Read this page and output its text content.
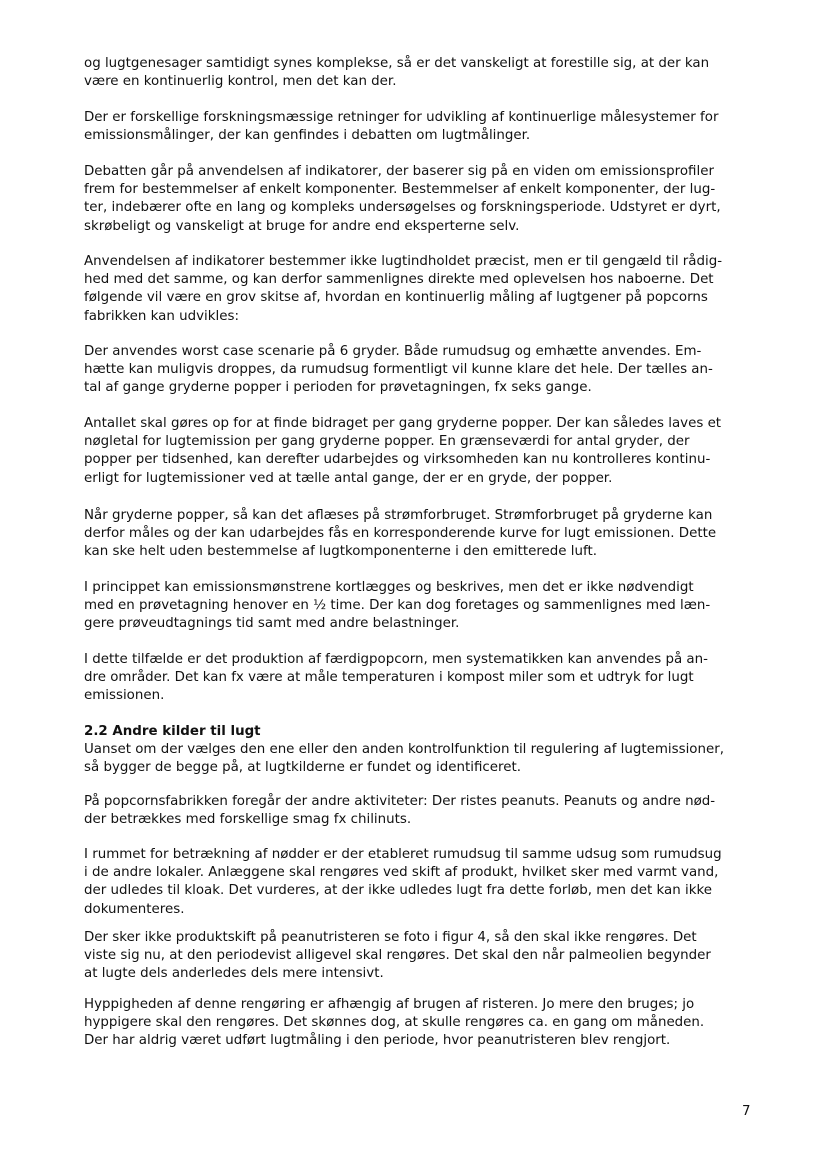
og lugtgenesager samtidigt synes komplekse, så er det vanskeligt at forestille sig, at der kan
være en kontinuerlig kontrol, men det kan der.

Der er forskellige forskningsmæssige retninger for udvikling af kontinuerlige målesystemer for
emissionsmålinger, der kan genfindes i debatten om lugtmålinger.

Debatten går på anvendelsen af indikatorer, der baserer sig på en viden om emissionsprofiler
frem for bestemmelser af enkelt komponenter. Bestemmelser af enkelt komponenter, der lug-
ter, indebærer ofte en lang og kompleks undersøgelses og forskningsperiode. Udstyret er dyrt,
skrøbeligt og vanskeligt at bruge for andre end eksperterne selv.

Anvendelsen af indikatorer bestemmer ikke lugtindholdet præcist, men er til gengæld til rådig-
hed med det samme, og kan derfor sammenlignes direkte med oplevelsen hos naboerne. Det
følgende vil være en grov skitse af, hvordan en kontinuerlig måling af lugtgener på popcorns
fabrikken kan udvikles:

Der anvendes worst case scenarie på 6 gryder. Både rumudsug og emhætte anvendes. Em-
hætte kan muligvis droppes, da rumudsug formentligt vil kunne klare det hele. Der tælles an-
tal af gange gryderne popper i perioden for prøvetagningen, fx seks gange.

Antallet skal gøres op for at finde bidraget per gang gryderne popper. Der kan således laves et
nøgletal for lugtemission per gang gryderne popper. En grænseværdi for antal gryder, der
popper per tidsenhed, kan derefter udarbejdes og virksomheden kan nu kontrolleres kontinu-
erligt for lugtemissioner ved at tælle antal gange, der er en gryde, der popper.

Når gryderne popper, så kan det aflæses på strømforbruget. Strømforbruget på gryderne kan
derfor måles og der kan udarbejdes fås en korresponderende kurve for lugt emissionen. Dette
kan ske helt uden bestemmelse af lugtkomponenterne i den emitterede luft.

I princippet kan emissionsmønstrene kortlægges og beskrives, men det er ikke nødvendigt
med en prøvetagning henover en ½ time. Der kan dog foretages og sammenlignes med læn-
gere prøveudtagnings tid samt med andre belastninger.

I dette tilfælde er det produktion af færdigpopcorn, men systematikken kan anvendes på an-
dre områder. Det kan fx være at måle temperaturen i kompost miler som et udtryk for lugt
emissionen.

2.2 Andre kilder til lugt
Uanset om der vælges den ene eller den anden kontrolfunktion til regulering af lugtemissioner,
så bygger de begge på, at lugtkilderne er fundet og identificeret.

På popcornsfabrikken foregår der andre aktiviteter: Der ristes peanuts. Peanuts og andre nød-
der betrækkes med forskellige smag fx chilinuts.

I rummet for betrækning af nødder er der etableret rumudsug til samme udsug som rumudsug
i de andre lokaler. Anlæggene skal rengøres ved skift af produkt, hvilket sker med varmt vand,
der udledes til kloak. Det vurderes, at der ikke udledes lugt fra dette forløb, men det kan ikke
dokumenteres.

Der sker ikke produktskift på peanutristeren se foto i figur 4, så den skal ikke rengøres. Det
viste sig nu, at den periodevist alligevel skal rengøres. Det skal den når palmeolien begynder
at lugte dels anderledes dels mere intensivt.

Hyppigheden af denne rengøring er afhængig af brugen af risteren. Jo mere den bruges; jo
hyppigere skal den rengøres. Det skønnes dog, at skulle rengøres ca. en gang om måneden.
Der har aldrig været udført lugtmåling i den periode, hvor peanutristeren blev rengjort.

7
